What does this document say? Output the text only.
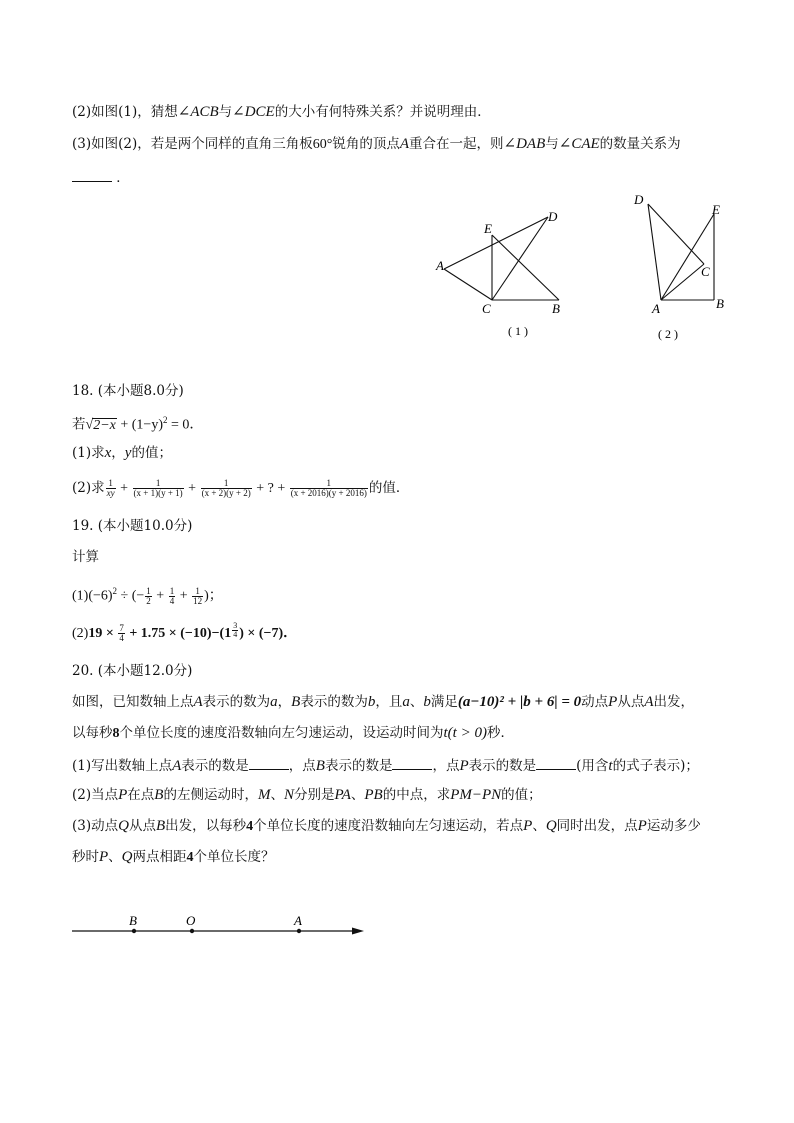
(2)如图(1)，猜想∠ACB与∠DCE的大小有何特殊关系？并说明理由．
(3)如图(2)，若是两个同样的直角三角板60°锐角的顶点A重合在一起，则∠DAB与∠CAE的数量关系为
．
A
E
D
C	B
( 1 )
D
E
C
A	B
( 2 )
18. (本小题8.0分)
若$√2-x + (1-y)^2 = 0$．
(1)求x，y的值；
(2)求 $\frac{1}{xy} + \frac{1}{(x + 1)(y + 1)} + \frac{1}{(x + 2)(y + 2)}$ + ? + $\frac{1}{(x + 2016)(y + 2016)}$ 的值．
19. (本小题10.0分)
计算
$(1)(-6)^2$ ÷ (− $\frac{1}{2} + \frac{1}{4} + \frac{1}{12}$ )；
$(2)19 \times \frac{7}{4} + 1.75 \times (-10)-(1 \frac{3}{4}$ ) × (−7)．
20. (本小题12.0分)
如图，已知数轴上点A表示的数为a，B表示的数为b，且a、b满足(a−10)² + |b + 6| = 0动点P从点A出发，
以每秒8个单位长度的速度沿数轴向左匀速运动，设运动时间为t(t > 0)秒．
(1)写出数轴上点A表示的数是	，点B表示的数是	，点P表示的数是	(用含t的式子表示)；
(2)当点P在点B的左侧运动时，M、N分别是PA、PB的中点，求PM−PN的值；
(3)动点Q从点B出发，以每秒4个单位长度的速度沿数轴向左匀速运动，若点P、Q同时出发，点P运动多少
秒时P、Q两点相距4个单位长度？
B	O	A
